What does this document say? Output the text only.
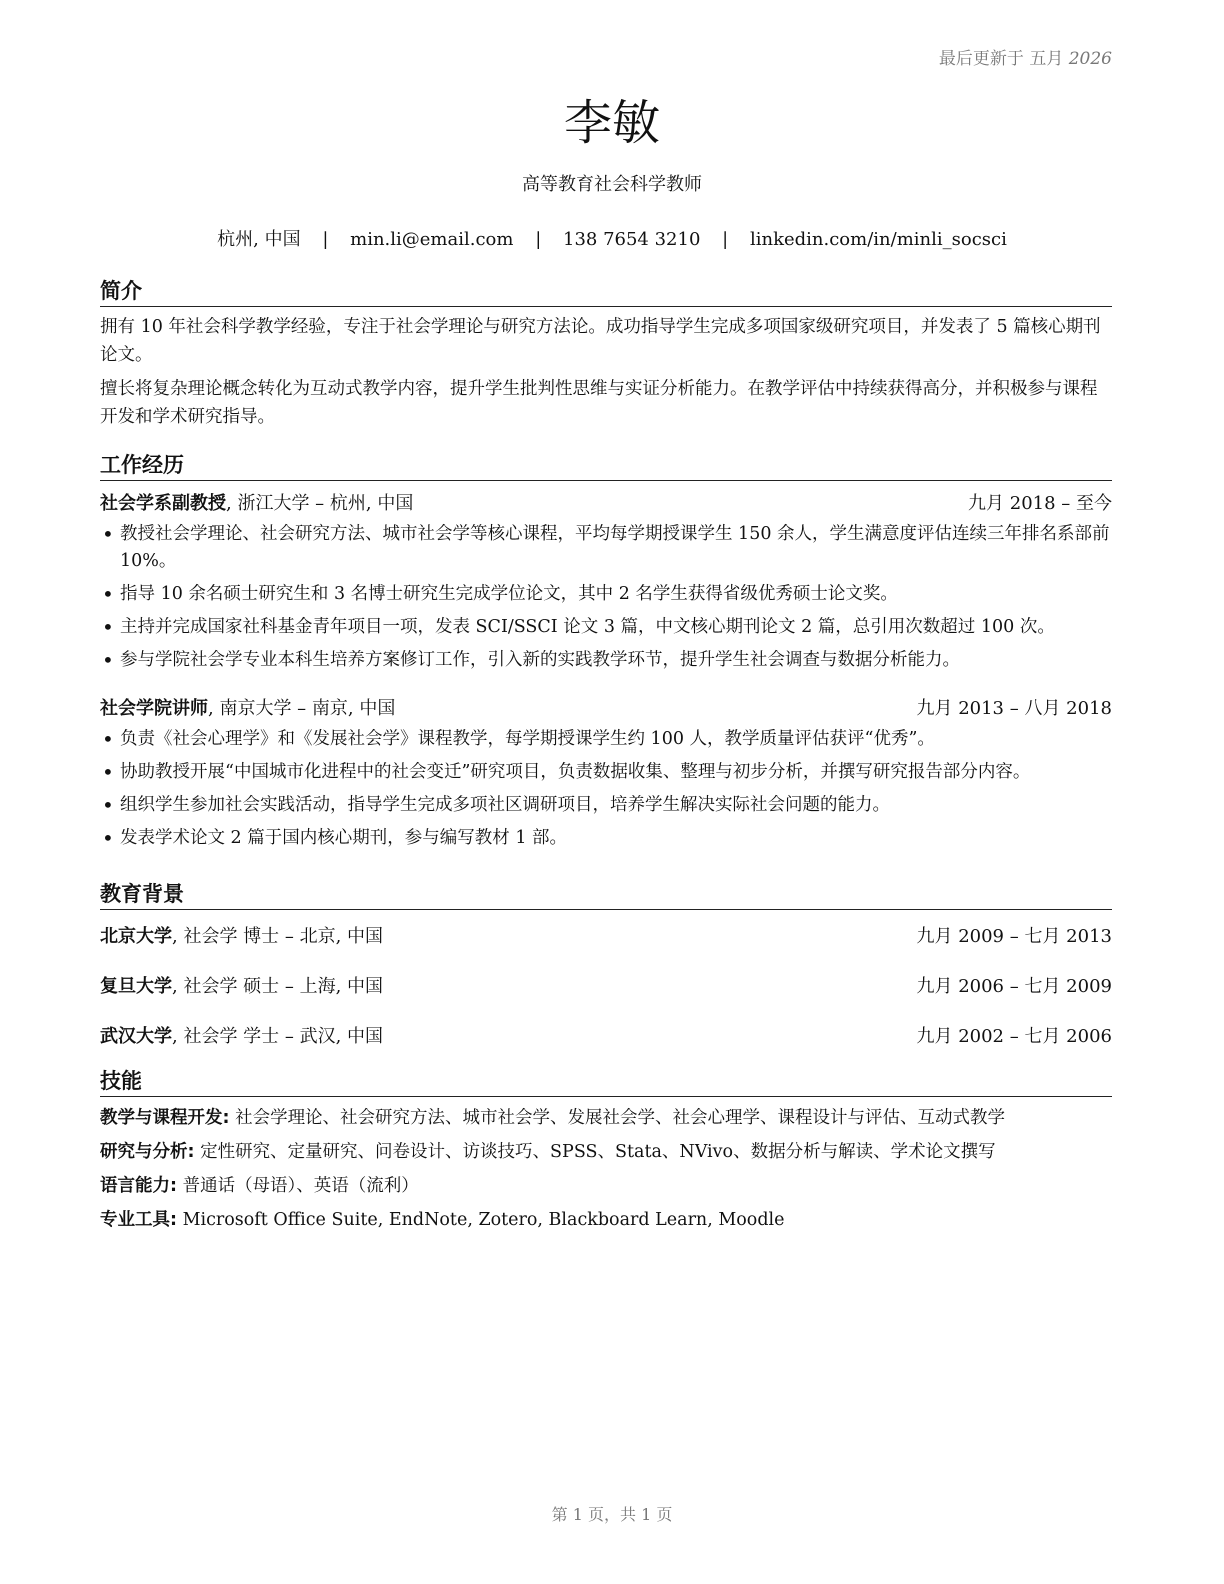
最后更新于 五月 2026
李敏
高等教育社会科学教师
杭州, 中国 | min.li@email.com | 138 7654 3210 | linkedin.com/in/minli_socsci
简介

拥有 10 年社会科学教学经验，专注于社会学理论与研究方法论。成功指导学生完成多项国家级研究项目，并发表了 5 篇核心期刊论文。

擅长将复杂理论概念转化为互动式教学内容，提升学生批判性思维与实证分析能力。在教学评估中持续获得高分，并积极参与课程开发和学术研究指导。

工作经历
社会学系副教授, 浙江大学 – 杭州, 中国	九月 2018 – 至今
• 教授社会学理论、社会研究方法、城市社会学等核心课程，平均每学期授课学生 150 余人，学生满意度评估连续三年排名系部前 10%。
• 指导 10 余名硕士研究生和 3 名博士研究生完成学位论文，其中 2 名学生获得省级优秀硕士论文奖。
• 主持并完成国家社科基金青年项目一项，发表 SCI/SSCI 论文 3 篇，中文核心期刊论文 2 篇，总引用次数超过 100 次。
• 参与学院社会学专业本科生培养方案修订工作，引入新的实践教学环节，提升学生社会调查与数据分析能力。
社会学院讲师, 南京大学 – 南京, 中国	九月 2013 – 八月 2018
• 负责《社会心理学》和《发展社会学》课程教学，每学期授课学生约 100 人，教学质量评估获评“优秀”。
• 协助教授开展“中国城市化进程中的社会变迁”研究项目，负责数据收集、整理与初步分析，并撰写研究报告部分内容。
• 组织学生参加社会实践活动，指导学生完成多项社区调研项目，培养学生解决实际社会问题的能力。
• 发表学术论文 2 篇于国内核心期刊，参与编写教材 1 部。
教育背景
北京大学, 社会学 博士 – 北京, 中国	九月 2009 – 七月 2013
复旦大学, 社会学 硕士 – 上海, 中国	九月 2006 – 七月 2009
武汉大学, 社会学 学士 – 武汉, 中国	九月 2002 – 七月 2006
技能
教学与课程开发: 社会学理论、社会研究方法、城市社会学、发展社会学、社会心理学、课程设计与评估、互动式教学
研究与分析: 定性研究、定量研究、问卷设计、访谈技巧、SPSS、Stata、NVivo、数据分析与解读、学术论文撰写
语言能力: 普通话（母语）、英语（流利）
专业工具: Microsoft Office Suite, EndNote, Zotero, Blackboard Learn, Moodle
第 1 页，共 1 页
